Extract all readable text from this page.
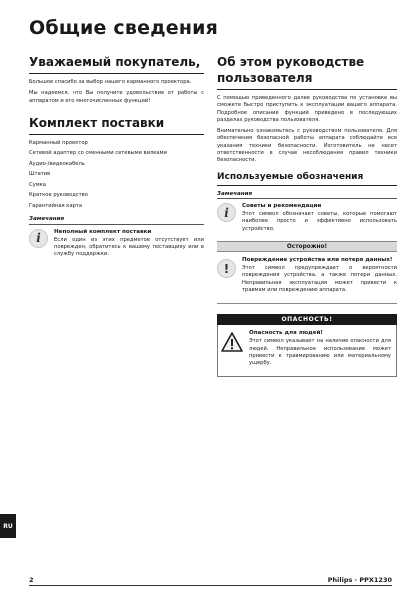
Общие сведения
Уважаемый покупатель,
Большое спасибо за выбор нашего карманного проектора.
Мы надеемся, что Вы получите удовольствие от работы с аппаратом и его многочисленных функций!
Комплект поставки
Карманный проектор
Сетевой адаптер со сменными сетевыми вилками
Аудио-/видеокабель
Штатив
Сумка
Краткое руководство
Гарантийная карта
Замечания
i	Неполный комплект поставки
Если один из этих предметов отсутствует или поврежден, обратитесь к вашему поставщику или в службу поддержки.
Об этом руководстве пользователя
С помощью приведенного далее руководства по установке вы сможете быстро приступить к эксплуатации вашего аппарата. Подробное описание функций приведено в последующих разделах руководства пользователя.
Внимательно ознакомьтесь с руководством пользователя. Для обеспечения безопасной работы аппарата соблюдайте все указания техники безопасности. Изготовитель не несет ответственности в случае несоблюдения правил техники безопасности.
Используемые обозначения
Замечания
i	Советы и рекомендации
Этот символ обозначает советы, которые помогают наиболее просто и эффективно использовать устройство.
Осторожно!
!
Повреждение устройства или потеря данных!
Этот символ предупреждает о вероятности повреждения устройства, а также потери данных. Неправильная эксплуатация может привести к травмам или повреждению аппарата.
ОПАСНОСТЬ!
Опасность для людей!
Этот символ указывает на наличие опасности для людей. Неправильное использование может привести к травмированию или материальному ущербу.
RU
2	Philips · PPX1230
